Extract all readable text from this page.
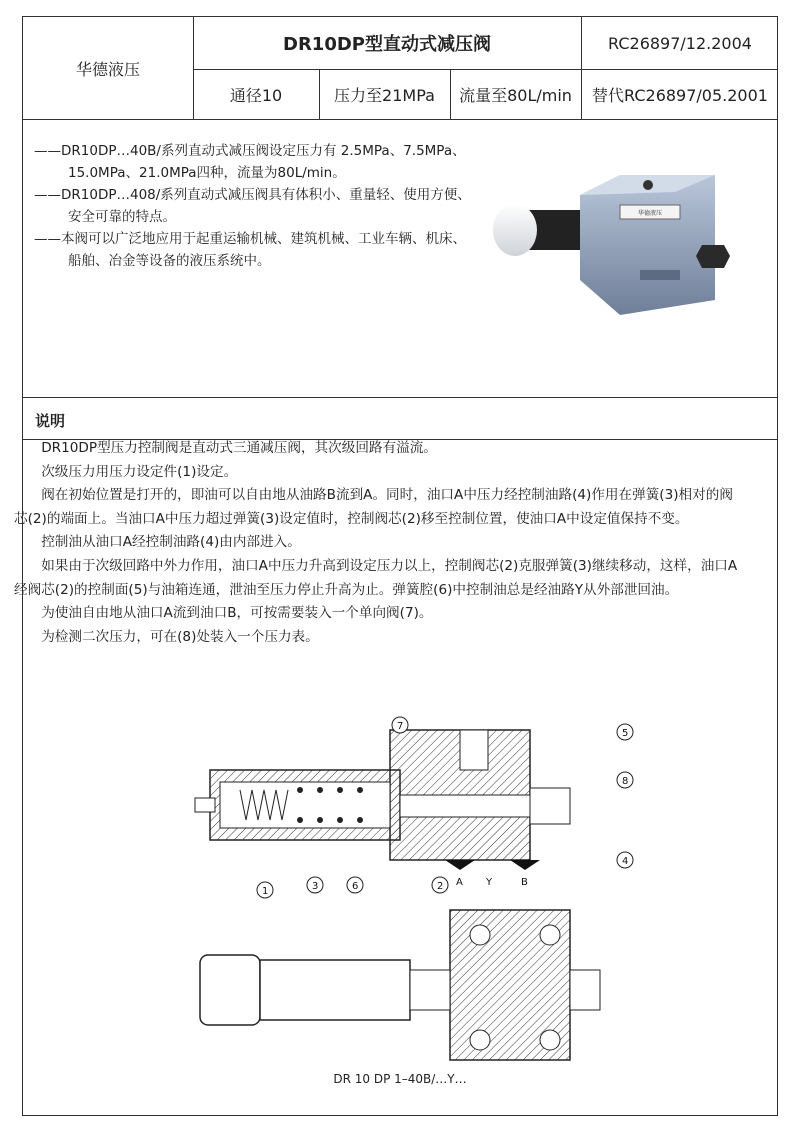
华德液压
DR10DP型直动式减压阀	RC26897/12.2004
通径10	压力至21MPa	流量至80L/min	替代RC26897/05.2001
说明

——DR10DP…40B/系列直动式减压阀设定压力有 2.5MPa、7.5MPa、15.0MPa、21.0MPa四种，流量为80L/min。

——DR10DP…408/系列直动式减压阀具有体积小、重量轻、使用方便、安全可靠的特点。

——本阀可以广泛地应用于起重运输机械、建筑机械、工业车辆、机床、船舶、冶金等设备的液压系统中。

华德液压

DR10DP型压力控制阀是直动式三通减压阀，其次级回路有溢流。

次级压力用压力设定件(1)设定。

阀在初始位置是打开的，即油可以自由地从油路B流到A。同时，油口A中压力经控制油路(4)作用在弹簧(3)相对的阀芯(2)的端面上。当油口A中压力超过弹簧(3)设定值时，控制阀芯(2)移至控制位置，使油口A中设定值保持不变。

控制油从油口A经控制油路(4)由内部进入。

如果由于次级回路中外力作用，油口A中压力升高到设定压力以上，控制阀芯(2)克服弹簧(3)继续移动，这样，油口A经阀芯(2)的控制面(5)与油箱连通，泄油至压力停止升高为止。弹簧腔(6)中控制油总是经油路Y从外部泄回油。

为使油自由地从油口A流到油口B，可按需要装入一个单向阀(7)。

为检测二次压力，可在(8)处装入一个压力表。

A Y	B
7
5
8
4
2
3	6
1
DR 10 DP 1–40B/…Y…
